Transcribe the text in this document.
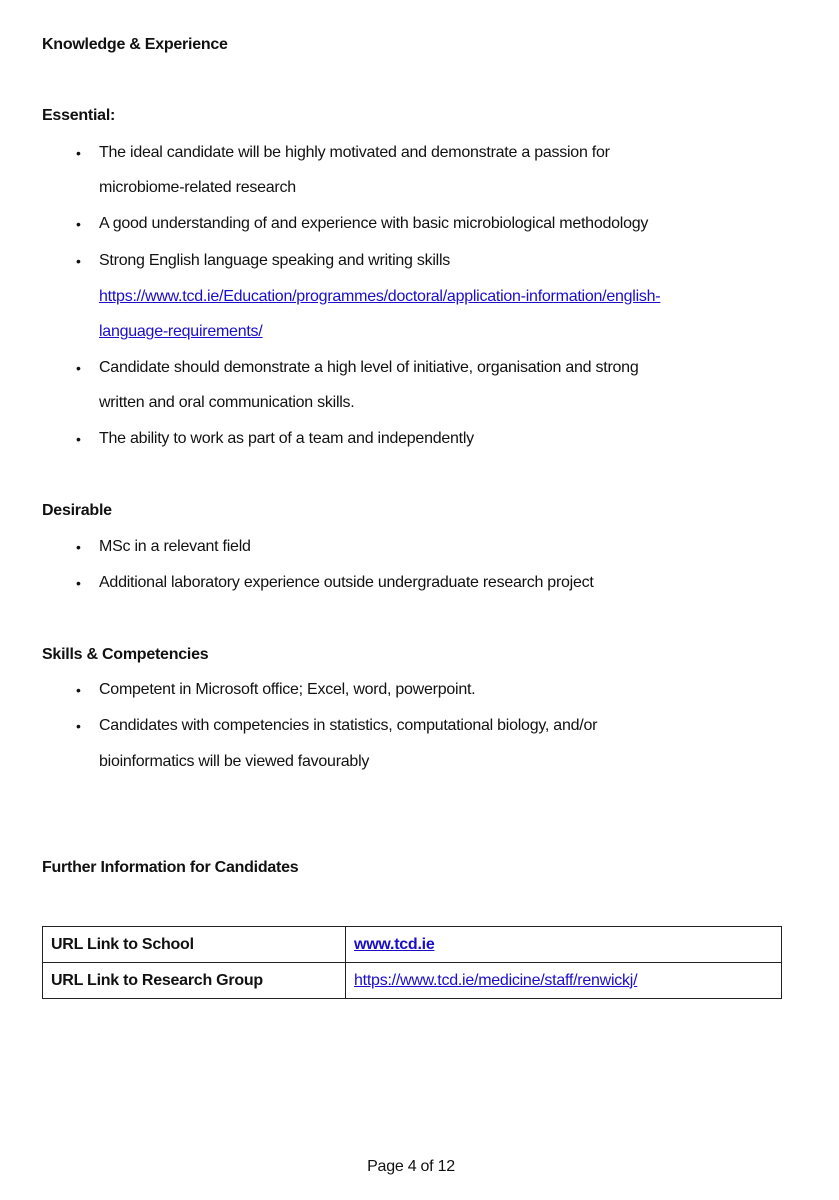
Knowledge & Experience
Essential:
• The ideal candidate will be highly motivated and demonstrate a passion for
microbiome-related research
• A good understanding of and experience with basic microbiological methodology
• Strong English language speaking and writing skills
https://www.tcd.ie/Education/programmes/doctoral/application-information/english-
language-requirements/
• Candidate should demonstrate a high level of initiative, organisation and strong
written and oral communication skills.
• The ability to work as part of a team and independently
Desirable
• MSc in a relevant field
• Additional laboratory experience outside undergraduate research project
Skills & Competencies
• Competent in Microsoft office; Excel, word, powerpoint.
• Candidates with competencies in statistics, computational biology, and/or
bioinformatics will be viewed favourably
Further Information for Candidates
URL Link to School	www.tcd.ie
URL Link to Research Group	https://www.tcd.ie/medicine/staff/renwickj/
Page 4 of 12
